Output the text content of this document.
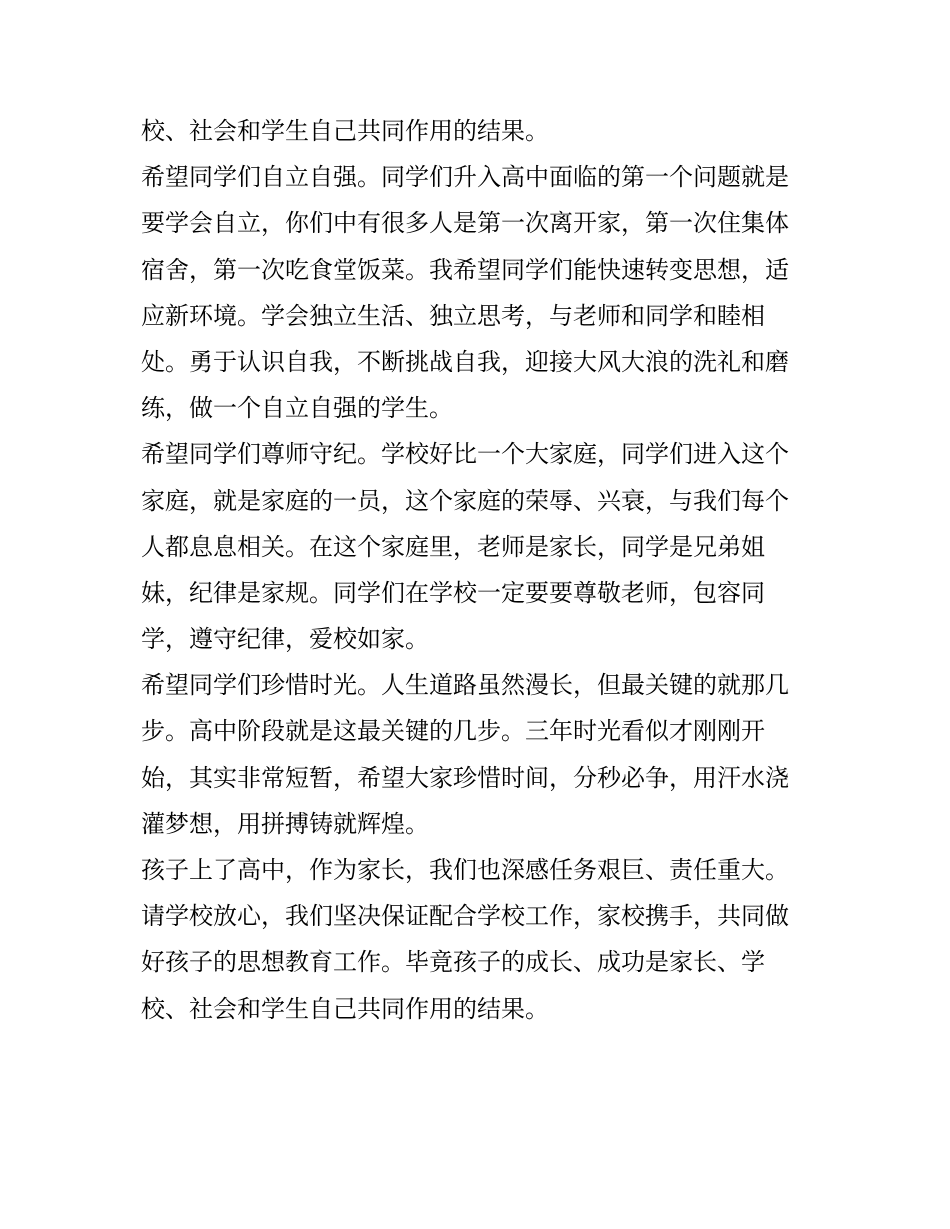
校、社会和学生自己共同作用的结果。
希望同学们自立自强。同学们升入高中面临的第一个问题就是
要学会自立，你们中有很多人是第一次离开家，第一次住集体
宿舍，第一次吃食堂饭菜。我希望同学们能快速转变思想，适
应新环境。学会独立生活、独立思考，与老师和同学和睦相
处。勇于认识自我，不断挑战自我，迎接大风大浪的洗礼和磨
练，做一个自立自强的学生。
希望同学们尊师守纪。学校好比一个大家庭，同学们进入这个
家庭，就是家庭的一员，这个家庭的荣辱、兴衰，与我们每个
人都息息相关。在这个家庭里，老师是家长，同学是兄弟姐
妹，纪律是家规。同学们在学校一定要要尊敬老师，包容同
学，遵守纪律，爱校如家。
希望同学们珍惜时光。人生道路虽然漫长，但最关键的就那几
步。高中阶段就是这最关键的几步。三年时光看似才刚刚开
始，其实非常短暂，希望大家珍惜时间，分秒必争，用汗水浇
灌梦想，用拼搏铸就辉煌。
孩子上了高中，作为家长，我们也深感任务艰巨、责任重大。
请学校放心，我们坚决保证配合学校工作，家校携手，共同做
好孩子的思想教育工作。毕竟孩子的成长、成功是家长、学
校、社会和学生自己共同作用的结果。
